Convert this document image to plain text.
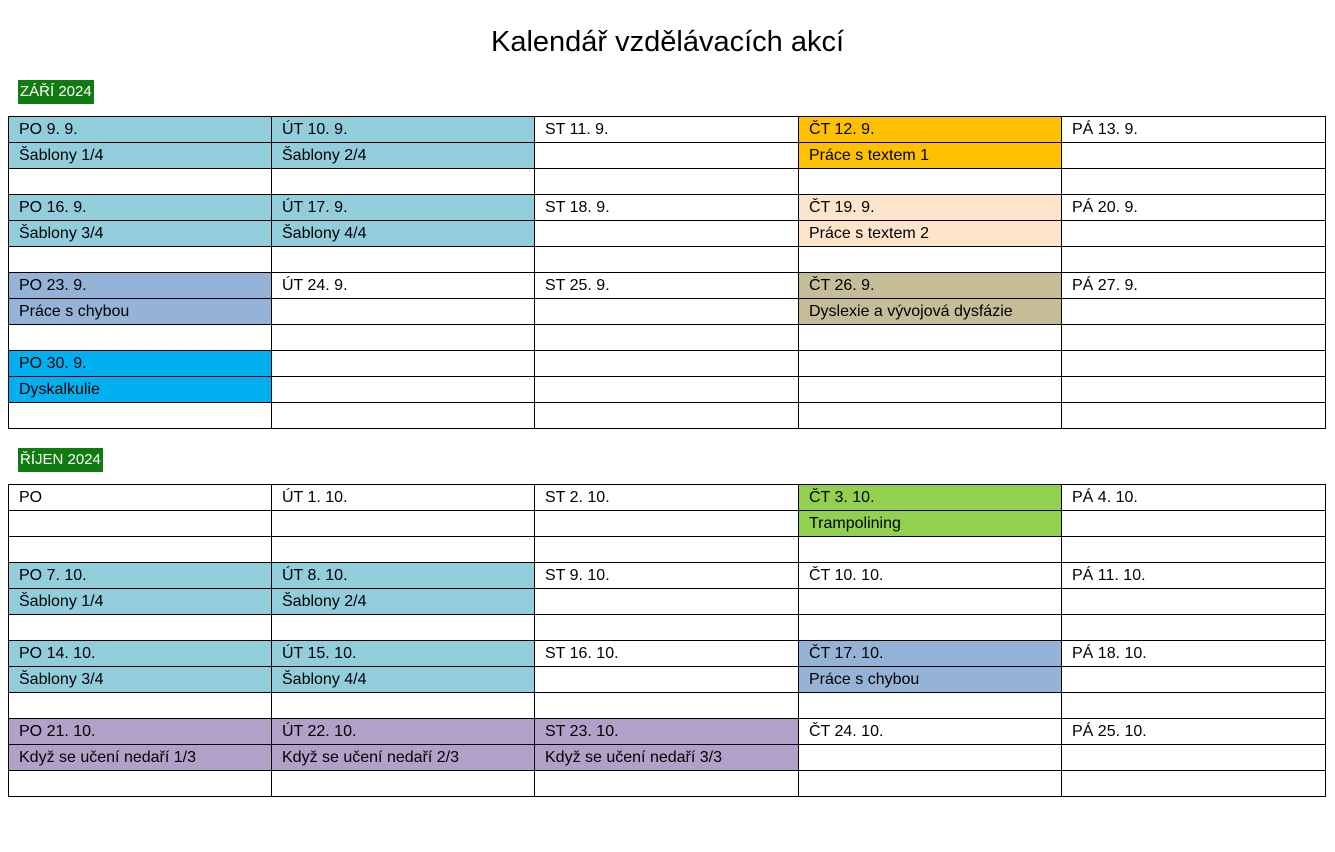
Kalendář vzdělávacích akcí
ZÁŘÍ 2024
PO 9. 9.	ÚT 10. 9.	ST 11. 9.	ČT 12. 9.	PÁ 13. 9.
Šablony 1/4	Šablony 2/4		Práce s textem 1	

PO 16. 9.	ÚT 17. 9.	ST 18. 9.	ČT 19. 9.	PÁ 20. 9.
Šablony 3/4	Šablony 4/4		Práce s textem 2	

PO 23. 9.	ÚT 24. 9.	ST 25. 9.	ČT 26. 9.	PÁ 27. 9.
Práce s chybou			Dyslexie a vývojová dysfázie	

PO 30. 9.				
Dyskalkulie				

ŘÍJEN 2024
PO	ÚT 1. 10.	ST 2. 10.	ČT 3. 10.	PÁ 4. 10.
			Trampolining	

PO 7. 10.	ÚT 8. 10.	ST 9. 10.	ČT 10. 10.	PÁ 11. 10.
Šablony 1/4	Šablony 2/4			

PO 14. 10.	ÚT 15. 10.	ST 16. 10.	ČT 17. 10.	PÁ 18. 10.
Šablony 3/4	Šablony 4/4		Práce s chybou	

PO 21. 10.	ÚT 22. 10.	ST 23. 10.	ČT 24. 10.	PÁ 25. 10.
Když se učení nedaří 1/3	Když se učení nedaří 2/3	Když se učení nedaří 3/3		
